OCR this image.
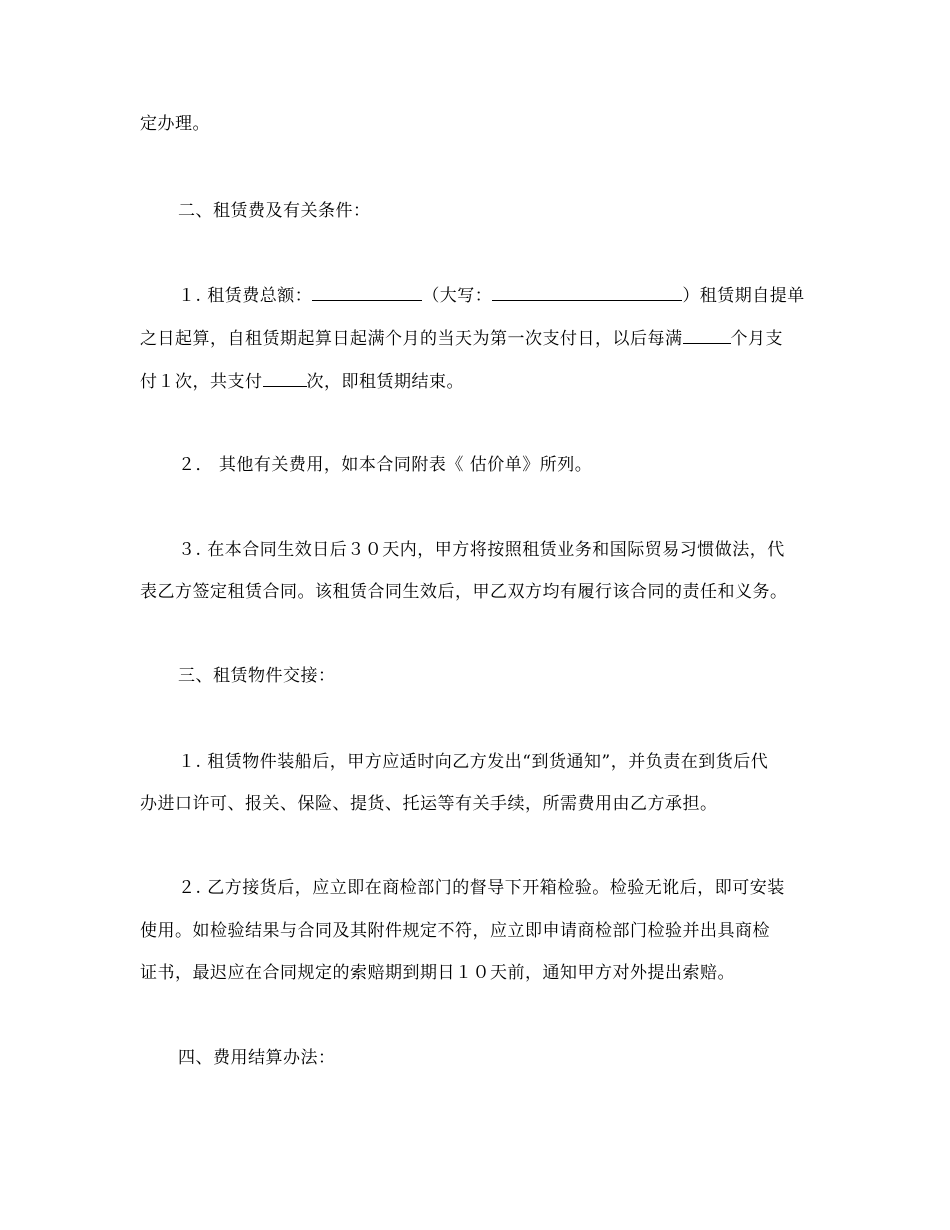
定办理。
二、租赁费及有关条件：
１. 租赁费总额：	（大写：	）租赁期自提单
之日起算，自租赁期起算日起满个月的当天为第一次支付日，以后每满	个月支
付１次，共支付	次，即租赁期结束。
２． 其他有关费用，如本合同附表《 估价单》所列。
３. 在本合同生效日后３０天内，甲方将按照租赁业务和国际贸易习惯做法，代
表乙方签定租赁合同。该租赁合同生效后，甲乙双方均有履行该合同的责任和义务。
三、租赁物件交接：
１. 租赁物件装船后，甲方应适时向乙方发出“到货通知”，并负责在到货后代
办进口许可、报关、保险、提货、托运等有关手续，所需费用由乙方承担。
２. 乙方接货后，应立即在商检部门的督导下开箱检验。检验无讹后，即可安装
使用。如检验结果与合同及其附件规定不符，应立即申请商检部门检验并出具商检
证书，最迟应在合同规定的索赔期到期日１０天前，通知甲方对外提出索赔。
四、费用结算办法：
